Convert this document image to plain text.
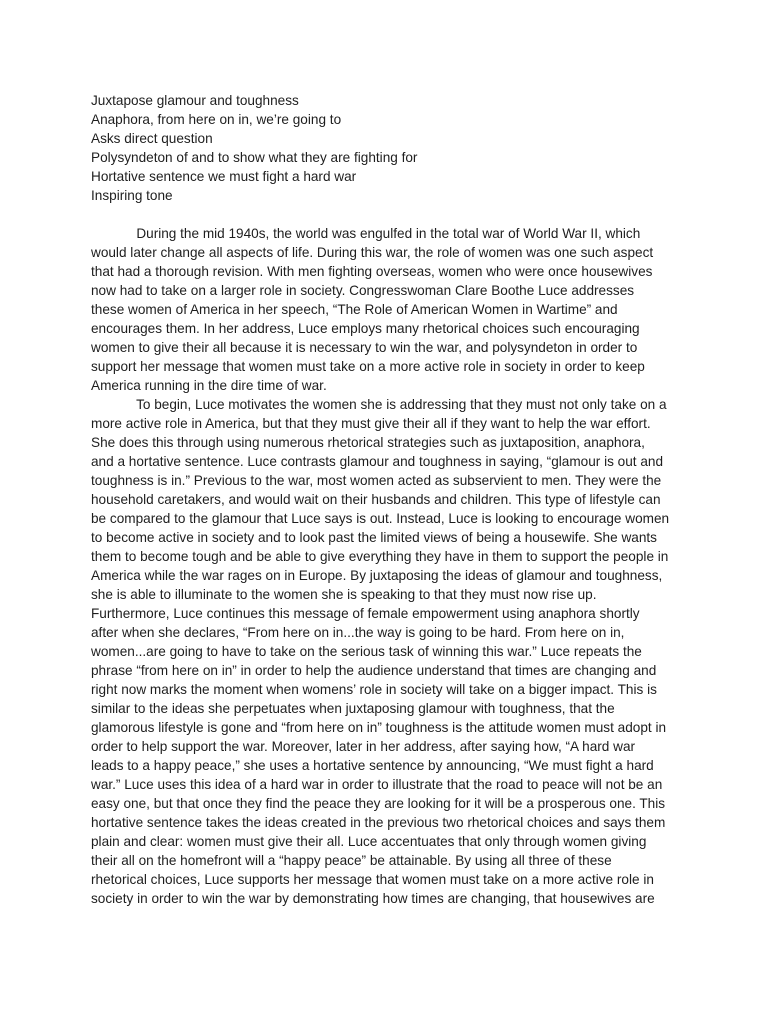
Juxtapose glamour and toughness
Anaphora, from here on in, we’re going to
Asks direct question
Polysyndeton of and to show what they are fighting for
Hortative sentence we must fight a hard war
Inspiring tone
During the mid 1940s, the world was engulfed in the total war of World War II, which
would later change all aspects of life. During this war, the role of women was one such aspect
that had a thorough revision. With men fighting overseas, women who were once housewives
now had to take on a larger role in society. Congresswoman Clare Boothe Luce addresses
these women of America in her speech, “The Role of American Women in Wartime” and
encourages them. In her address, Luce employs many rhetorical choices such encouraging
women to give their all because it is necessary to win the war, and polysyndeton in order to
support her message that women must take on a more active role in society in order to keep
America running in the dire time of war.
To begin, Luce motivates the women she is addressing that they must not only take on a
more active role in America, but that they must give their all if they want to help the war effort.
She does this through using numerous rhetorical strategies such as juxtaposition, anaphora,
and a hortative sentence. Luce contrasts glamour and toughness in saying, “glamour is out and
toughness is in.” Previous to the war, most women acted as subservient to men. They were the
household caretakers, and would wait on their husbands and children. This type of lifestyle can
be compared to the glamour that Luce says is out. Instead, Luce is looking to encourage women
to become active in society and to look past the limited views of being a housewife. She wants
them to become tough and be able to give everything they have in them to support the people in
America while the war rages on in Europe. By juxtaposing the ideas of glamour and toughness,
she is able to illuminate to the women she is speaking to that they must now rise up.
Furthermore, Luce continues this message of female empowerment using anaphora shortly
after when she declares, “From here on in...the way is going to be hard. From here on in,
women...are going to have to take on the serious task of winning this war.” Luce repeats the
phrase “from here on in” in order to help the audience understand that times are changing and
right now marks the moment when womens’ role in society will take on a bigger impact. This is
similar to the ideas she perpetuates when juxtaposing glamour with toughness, that the
glamorous lifestyle is gone and “from here on in” toughness is the attitude women must adopt in
order to help support the war. Moreover, later in her address, after saying how, “A hard war
leads to a happy peace,” she uses a hortative sentence by announcing, “We must fight a hard
war.” Luce uses this idea of a hard war in order to illustrate that the road to peace will not be an
easy one, but that once they find the peace they are looking for it will be a prosperous one. This
hortative sentence takes the ideas created in the previous two rhetorical choices and says them
plain and clear: women must give their all. Luce accentuates that only through women giving
their all on the homefront will a “happy peace” be attainable. By using all three of these
rhetorical choices, Luce supports her message that women must take on a more active role in
society in order to win the war by demonstrating how times are changing, that housewives are
